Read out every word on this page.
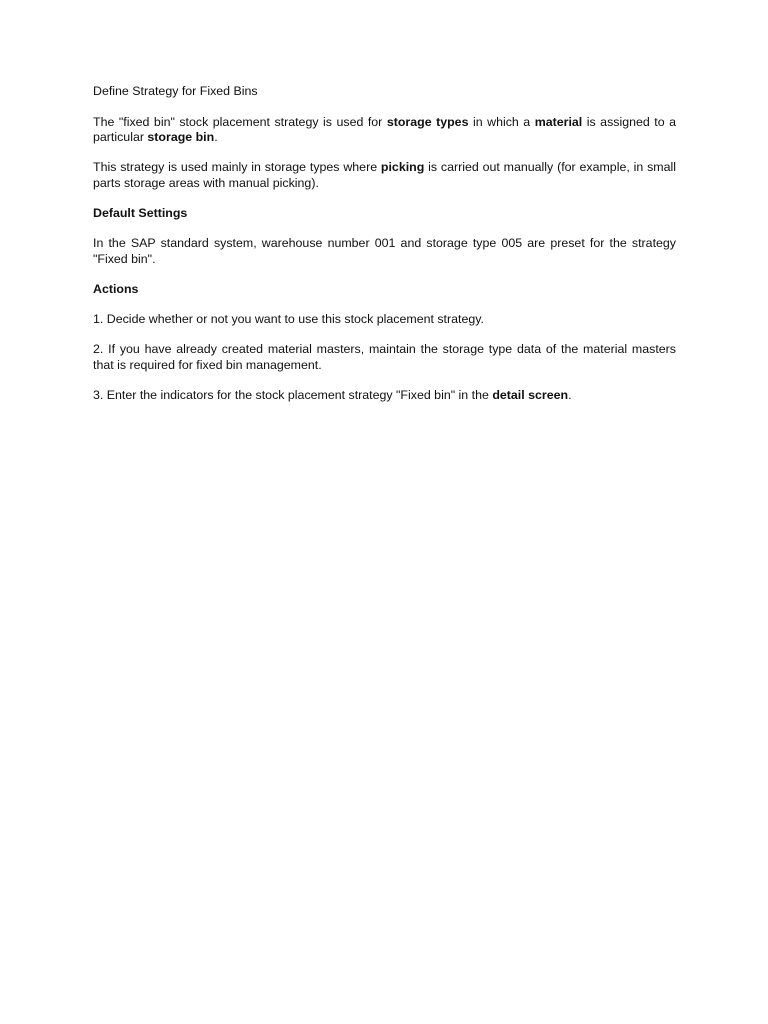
Define Strategy for Fixed Bins

The "fixed bin" stock placement strategy is used for storage types in which a material is assigned to a particular storage bin.

This strategy is used mainly in storage types where picking is carried out manually (for example, in small parts storage areas with manual picking).

Default Settings

In the SAP standard system, warehouse number 001 and storage type 005 are preset for the strategy "Fixed bin".

Actions

1. Decide whether or not you want to use this stock placement strategy.

2. If you have already created material masters, maintain the storage type data of the material masters that is required for fixed bin management.

3. Enter the indicators for the stock placement strategy "Fixed bin" in the detail screen.
